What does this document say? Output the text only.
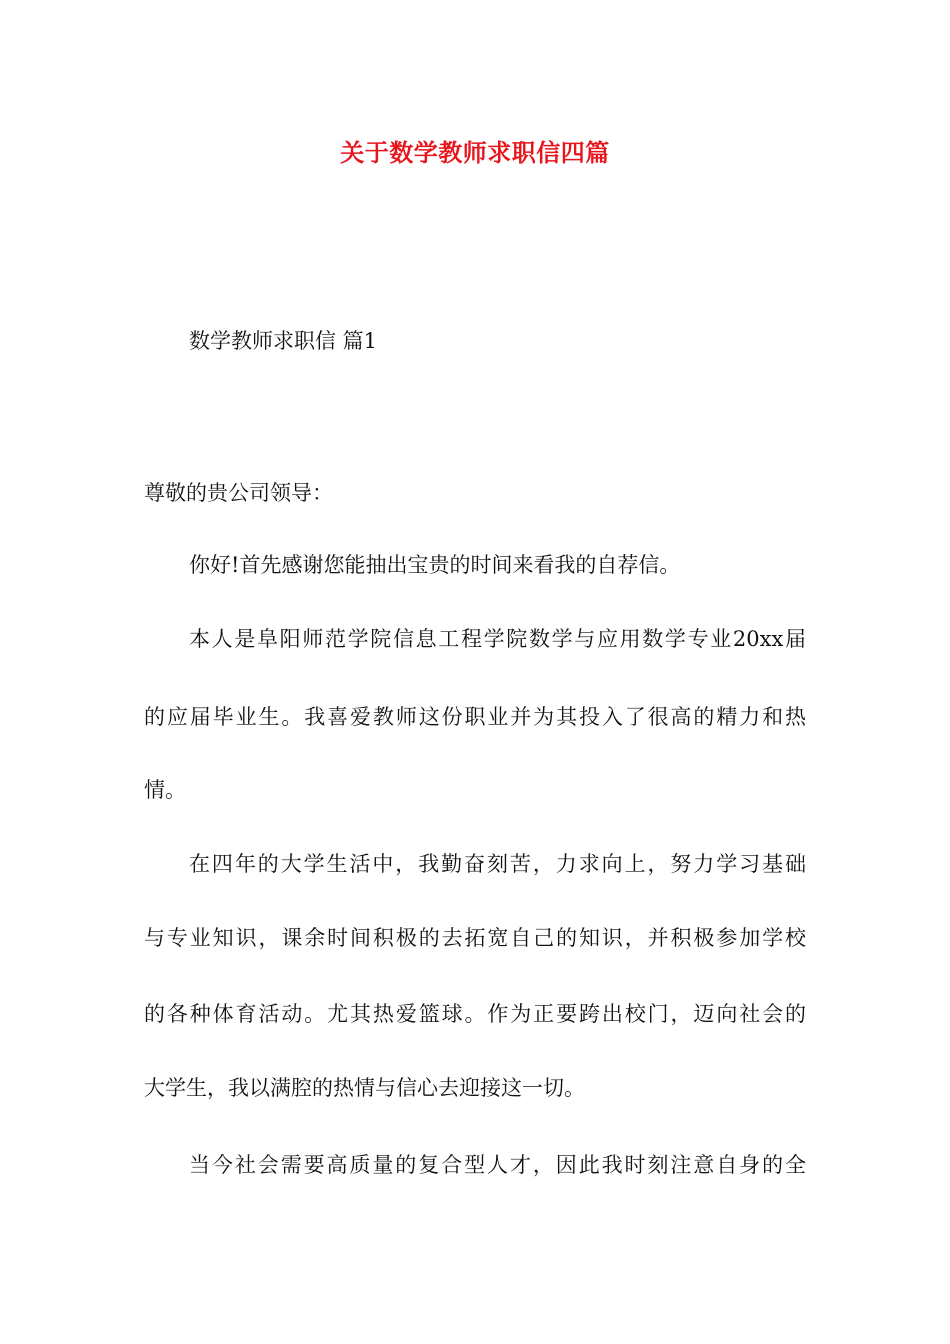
关于数学教师求职信四篇
数学教师求职信 篇1
尊敬的贵公司领导：
你好!首先感谢您能抽出宝贵的时间来看我的自荐信。
本人是阜阳师范学院信息工程学院数学与应用数学专业20xx届
的应届毕业生。我喜爱教师这份职业并为其投入了很高的精力和热
情。
在四年的大学生活中，我勤奋刻苦，力求向上，努力学习基础
与专业知识，课余时间积极的去拓宽自己的知识，并积极参加学校
的各种体育活动。尤其热爱篮球。作为正要跨出校门，迈向社会的
大学生，我以满腔的热情与信心去迎接这一切。
当今社会需要高质量的复合型人才，因此我时刻注意自身的全
